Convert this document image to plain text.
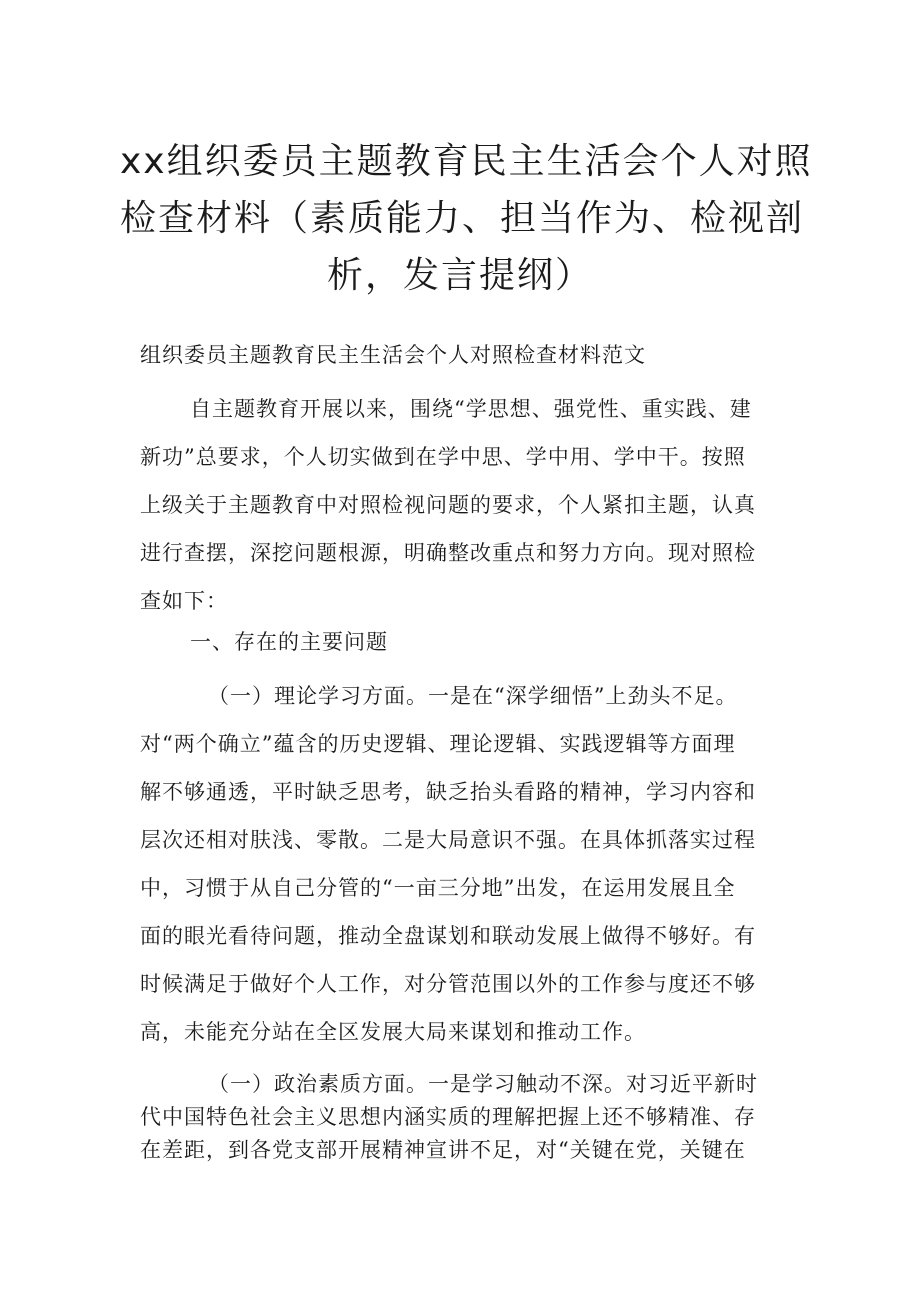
xx组织委员主题教育民主生活会个人对照
检查材料（素质能力、担当作为、检视剖
析，发言提纲）

组织委员主题教育民主生活会个人对照检查材料范文

自主题教育开展以来，围绕“学思想、强党性、重实践、建
新功”总要求，个人切实做到在学中思、学中用、学中干。按照
上级关于主题教育中对照检视问题的要求，个人紧扣主题，认真
进行查摆，深挖问题根源，明确整改重点和努力方向。现对照检
查如下：

一、存在的主要问题

（一）理论学习方面。一是在“深学细悟”上劲头不足。
对“两个确立”蕴含的历史逻辑、理论逻辑、实践逻辑等方面理
解不够通透，平时缺乏思考，缺乏抬头看路的精神，学习内容和
层次还相对肤浅、零散。二是大局意识不强。在具体抓落实过程
中，习惯于从自己分管的“一亩三分地”出发，在运用发展且全
面的眼光看待问题，推动全盘谋划和联动发展上做得不够好。有
时候满足于做好个人工作，对分管范围以外的工作参与度还不够
高，未能充分站在全区发展大局来谋划和推动工作。

（一）政治素质方面。一是学习触动不深。对习近平新时
代中国特色社会主义思想内涵实质的理解把握上还不够精准、存
在差距，到各党支部开展精神宣讲不足，对“关键在党，关键在
